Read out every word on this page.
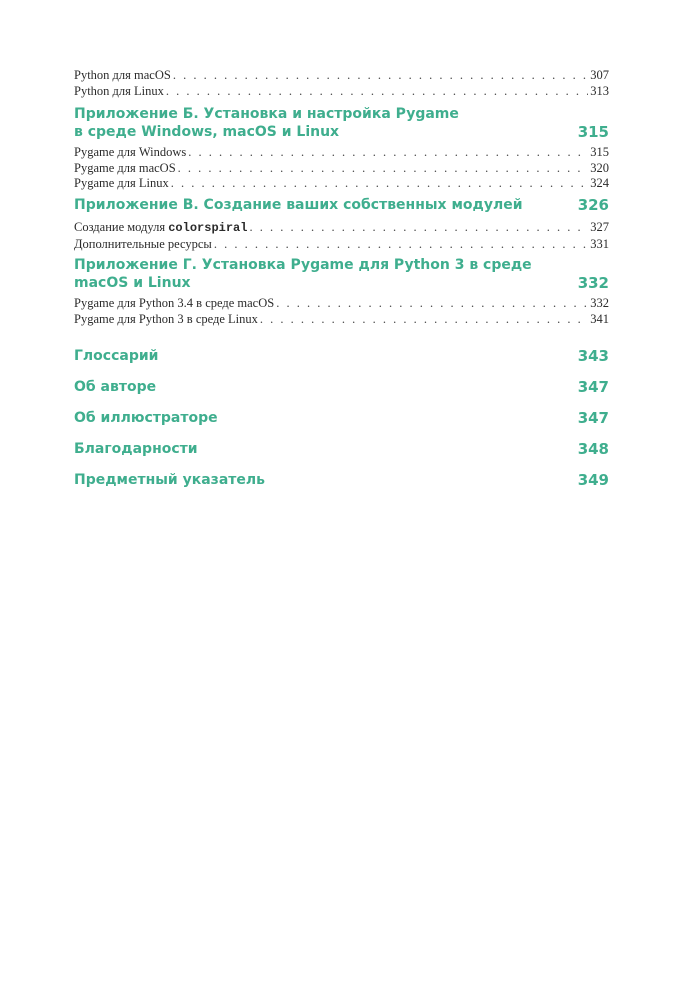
Python для macOS . . .	307
Python для Linux . . .	313
Приложение Б. Установка и настройка Pygame
в среде Windows, macOS и Linux	315
Pygame для Windows . . .	315
Pygame для macOS . . .	320
Pygame для Linux . . .	324
Приложение В. Создание ваших собственных модулей	326
Создание модуля colorspiral . . .	327
Дополнительные ресурсы . . .	331
Приложение Г. Установка Pygame для Python 3 в среде
macOS и Linux	332
Pygame для Python 3.4 в среде macOS . . .	332
Pygame для Python 3 в среде Linux . . .	341
Глоссарий	343
Об авторе	347
Об иллюстраторе	347
Благодарности	348
Предметный указатель	349
